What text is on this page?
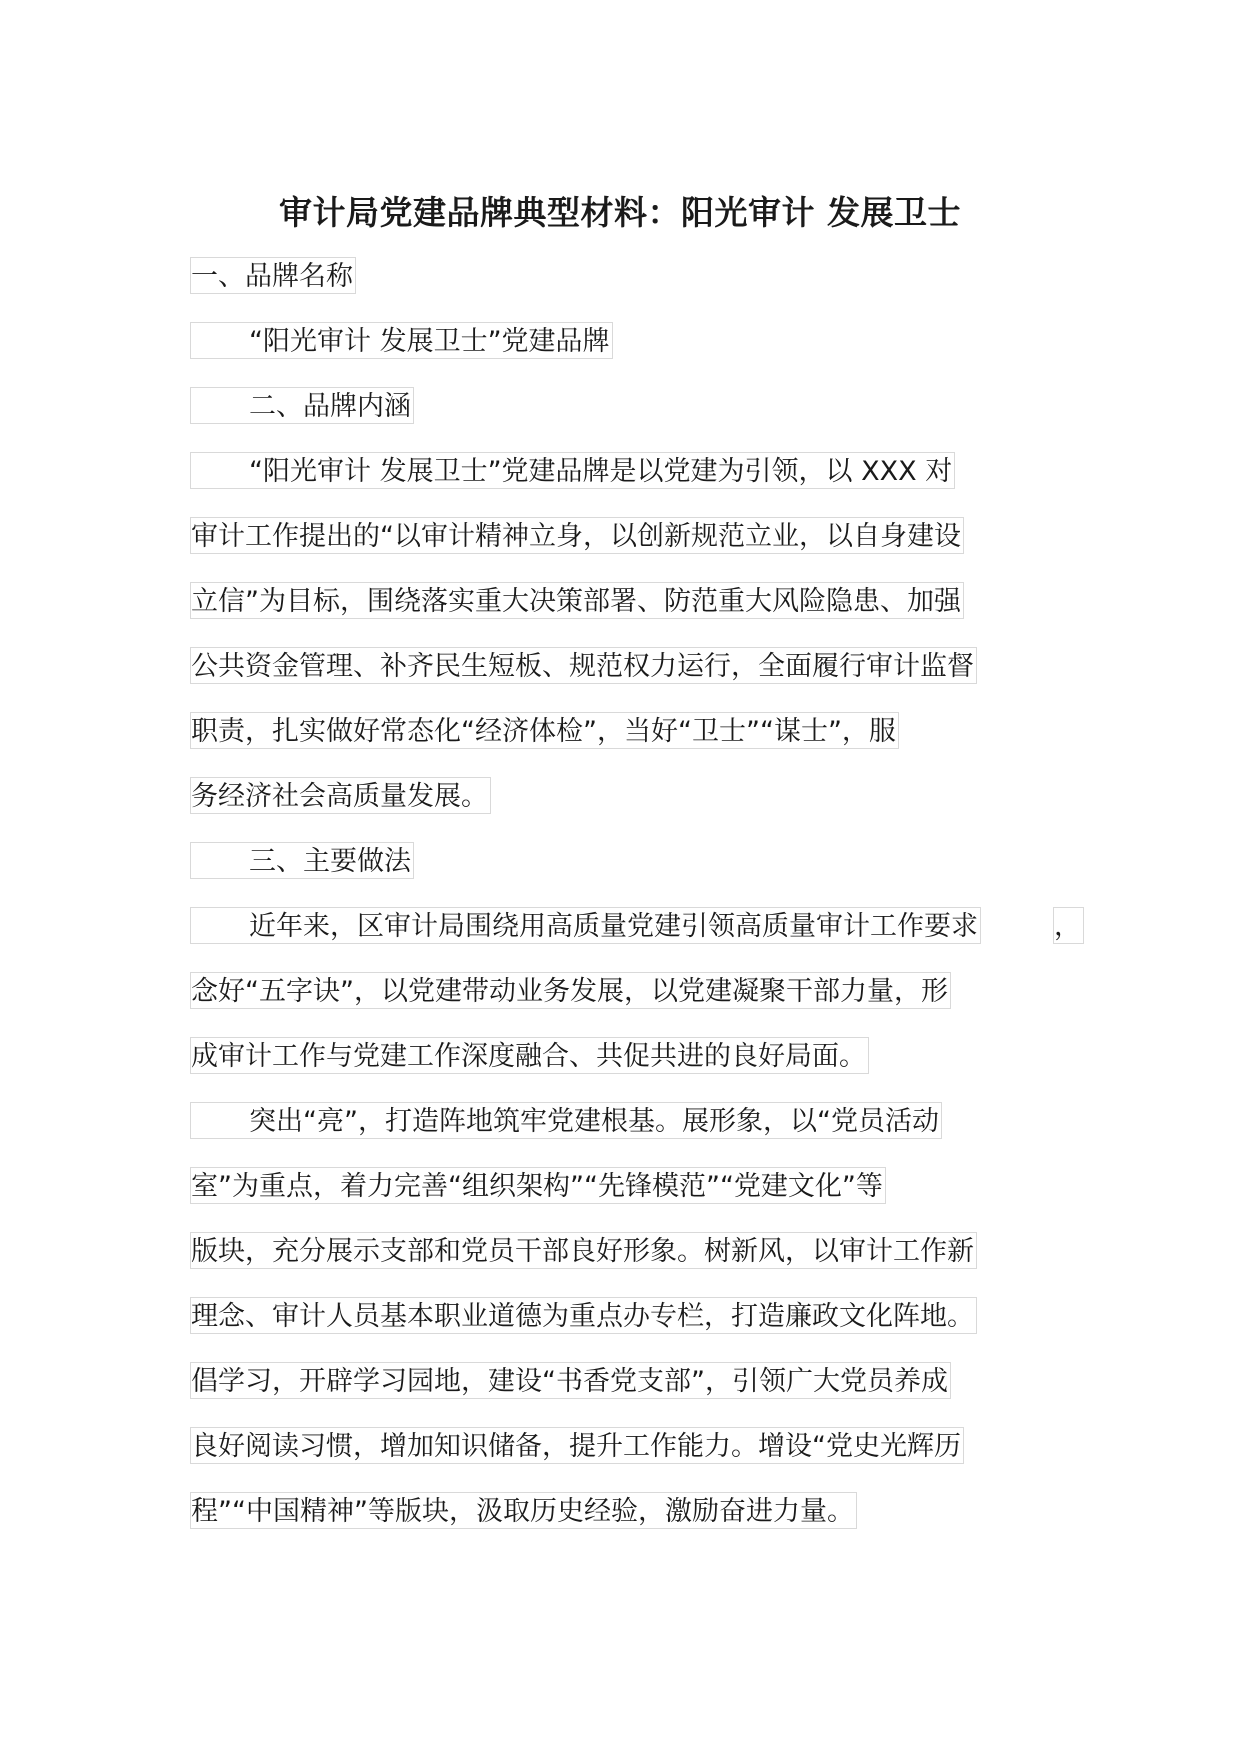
审计局党建品牌典型材料：阳光审计 发展卫士
一、品牌名称
“阳光审计 发展卫士”党建品牌
二、品牌内涵
“阳光审计 发展卫士”党建品牌是以党建为引领，以 XXX 对
审计工作提出的“以审计精神立身，以创新规范立业，以自身建设
立信”为目标，围绕落实重大决策部署、防范重大风险隐患、加强
公共资金管理、补齐民生短板、规范权力运行，全面履行审计监督
职责，扎实做好常态化“经济体检”，当好“卫士”“谋士”，服
务经济社会高质量发展。
三、主要做法
近年来，区审计局围绕用高质量党建引领高质量审计工作要求	，
念好“五字诀”，以党建带动业务发展，以党建凝聚干部力量，形
成审计工作与党建工作深度融合、共促共进的良好局面。
突出“亮”，打造阵地筑牢党建根基。展形象，以“党员活动
室”为重点，着力完善“组织架构”“先锋模范”“党建文化”等
版块，充分展示支部和党员干部良好形象。树新风，以审计工作新
理念、审计人员基本职业道德为重点办专栏，打造廉政文化阵地。
倡学习，开辟学习园地，建设“书香党支部”，引领广大党员养成
良好阅读习惯，增加知识储备，提升工作能力。增设“党史光辉历
程”“中国精神”等版块，汲取历史经验，激励奋进力量。
